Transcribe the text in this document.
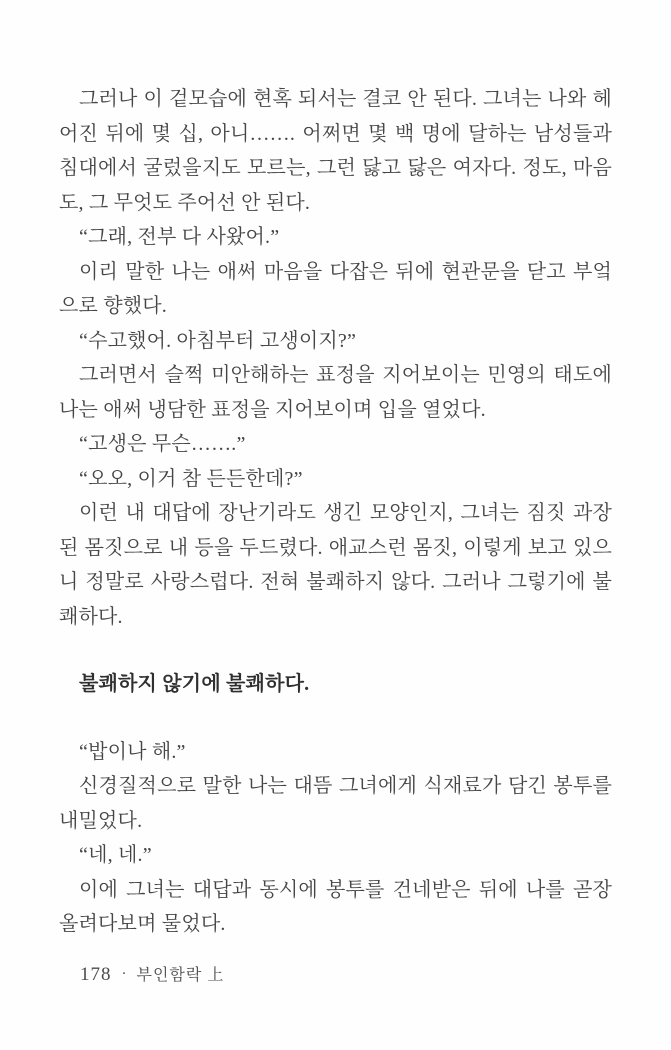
그러나 이 겉모습에 현혹 되서는 결코 안 된다. 그녀는 나와 헤어진 뒤에 몇 십, 아니……. 어쩌면 몇 백 명에 달하는 남성들과 침대에서 굴렀을지도 모르는, 그런 닳고 닳은 여자다. 정도, 마음도, 그 무엇도 주어선 안 된다.

“그래, 전부 다 사왔어.”

이리 말한 나는 애써 마음을 다잡은 뒤에 현관문을 닫고 부엌으로 향했다.

“수고했어. 아침부터 고생이지?”

그러면서 슬쩍 미안해하는 표정을 지어보이는 민영의 태도에 나는 애써 냉담한 표정을 지어보이며 입을 열었다.

“고생은 무슨…….”

“오오, 이거 참 든든한데?”

이런 내 대답에 장난기라도 생긴 모양인지, 그녀는 짐짓 과장된 몸짓으로 내 등을 두드렸다. 애교스런 몸짓, 이렇게 보고 있으니 정말로 사랑스럽다. 전혀 불쾌하지 않다. 그러나 그렇기에 불쾌하다.

불쾌하지 않기에 불쾌하다.

“밥이나 해.”

신경질적으로 말한 나는 대뜸 그녀에게 식재료가 담긴 봉투를 내밀었다.

“네, 네.”

이에 그녀는 대답과 동시에 봉투를 건네받은 뒤에 나를 곧장 올려다보며 물었다.

178 · 부인함락 上
